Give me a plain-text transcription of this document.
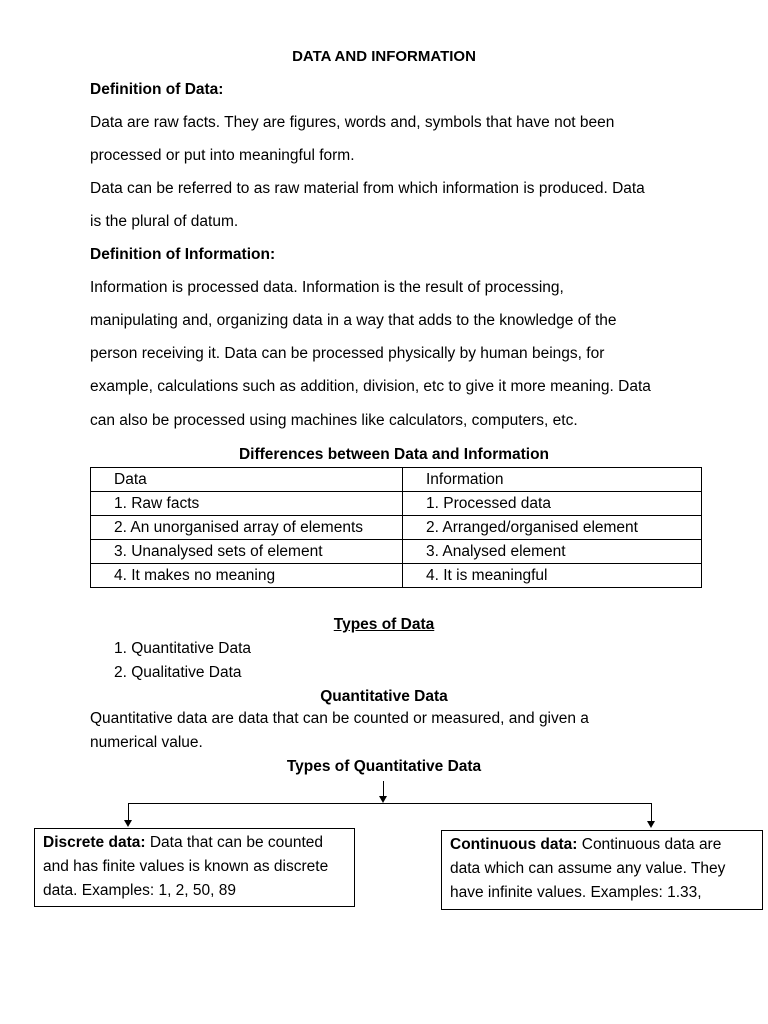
DATA AND INFORMATION
Definition of Data:
Data are raw facts. They are figures, words and, symbols that have not been
processed or put into meaningful form.
Data can be referred to as raw material from which information is produced. Data
is the plural of datum.
Definition of Information:
Information is processed data. Information is the result of processing,
manipulating and, organizing data in a way that adds to the knowledge of the
person receiving it. Data can be processed physically by human beings, for
example, calculations such as addition, division, etc to give it more meaning. Data
can also be processed using machines like calculators, computers, etc.
Differences between Data and Information
Data	Information
1. Raw facts	1. Processed data
2. An unorganised array of elements	2. Arranged/organised element
3. Unanalysed sets of element	3. Analysed element
4. It makes no meaning	4. It is meaningful
Types of Data
1. Quantitative Data
2. Qualitative Data
Quantitative Data
Quantitative data are data that can be counted or measured, and given a
numerical value.
Types of Quantitative Data
Discrete data: Data that can be counted
and has finite values is known as discrete
data. Examples: 1, 2, 50, 89
Continuous data: Continuous data are
data which can assume any value. They
have infinite values. Examples: 1.33,
